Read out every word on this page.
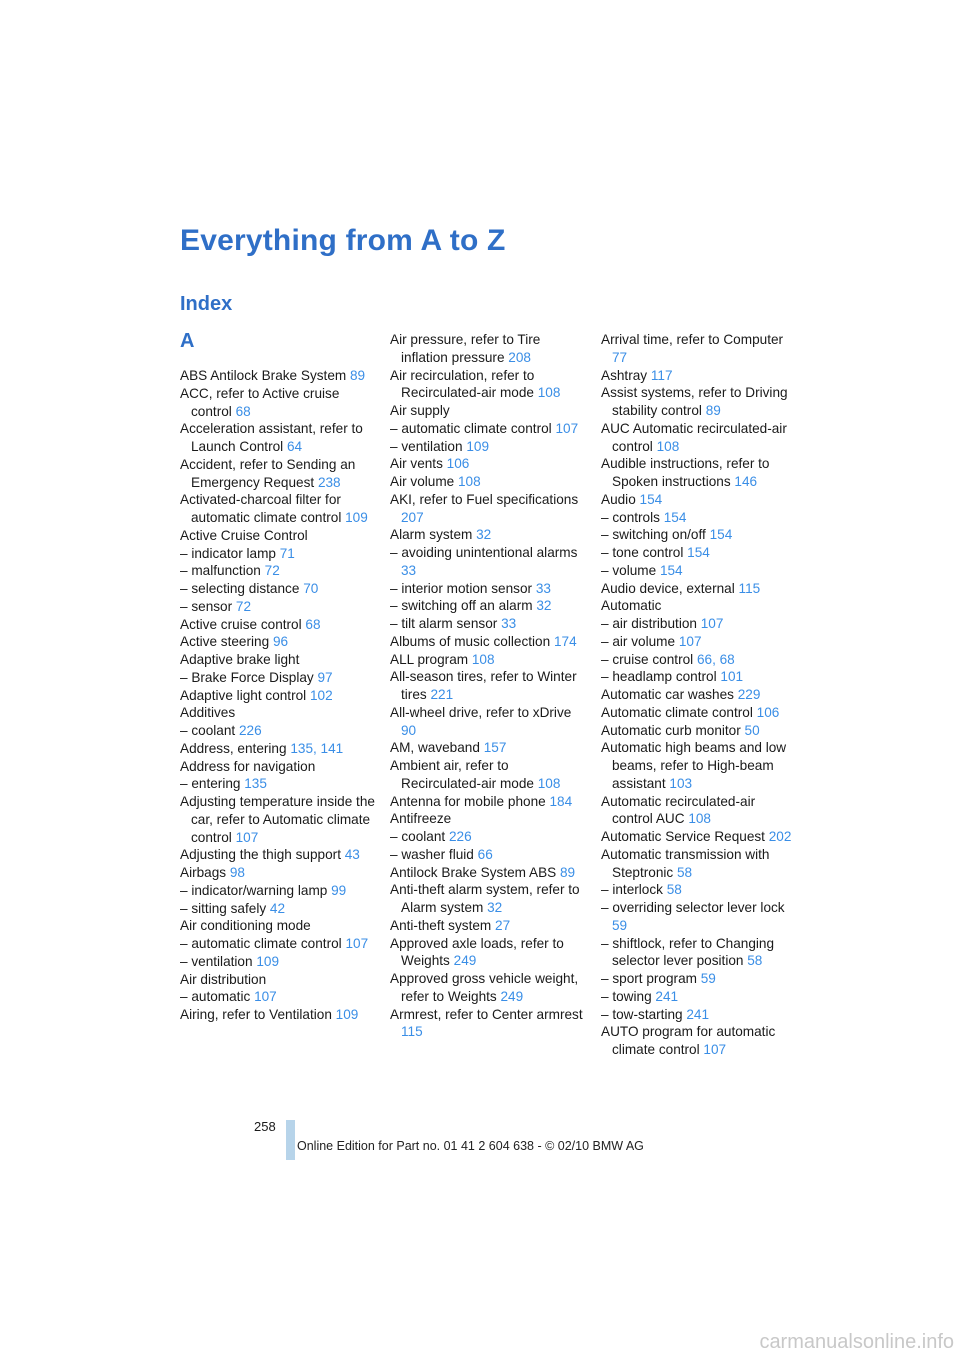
Everything from A to Z
Index
A
ABS Antilock Brake System 89
ACC, refer to Active cruise control 68
Acceleration assistant, refer to Launch Control 64
Accident, refer to Sending an Emergency Request 238
Activated-charcoal filter for automatic climate control 109
Active Cruise Control
– indicator lamp 71
– malfunction 72
– selecting distance 70
– sensor 72
Active cruise control 68
Active steering 96
Adaptive brake light
– Brake Force Display 97
Adaptive light control 102
Additives
– coolant 226
Address, entering 135, 141
Address for navigation
– entering 135
Adjusting temperature inside the car, refer to Automatic climate control 107
Adjusting the thigh support 43
Airbags 98
– indicator/warning lamp 99
– sitting safely 42
Air conditioning mode
– automatic climate control 107
– ventilation 109
Air distribution
– automatic 107
Airing, refer to Ventilation 109
Air pressure, refer to Tire inflation pressure 208
Air recirculation, refer to Recirculated-air mode 108
Air supply
– automatic climate control 107
– ventilation 109
Air vents 106
Air volume 108
AKI, refer to Fuel specifications 207
Alarm system 32
– avoiding unintentional alarms 33
– interior motion sensor 33
– switching off an alarm 32
– tilt alarm sensor 33
Albums of music collection 174
ALL program 108
All-season tires, refer to Winter tires 221
All-wheel drive, refer to xDrive 90
AM, waveband 157
Ambient air, refer to Recirculated-air mode 108
Antenna for mobile phone 184
Antifreeze
– coolant 226
– washer fluid 66
Antilock Brake System ABS 89
Anti-theft alarm system, refer to Alarm system 32
Anti-theft system 27
Approved axle loads, refer to Weights 249
Approved gross vehicle weight, refer to Weights 249
Armrest, refer to Center armrest 115
Arrival time, refer to Computer 77
Ashtray 117
Assist systems, refer to Driving stability control 89
AUC Automatic recirculated-air control 108
Audible instructions, refer to Spoken instructions 146
Audio 154
– controls 154
– switching on/off 154
– tone control 154
– volume 154
Audio device, external 115
Automatic
– air distribution 107
– air volume 107
– cruise control 66, 68
– headlamp control 101
Automatic car washes 229
Automatic climate control 106
Automatic curb monitor 50
Automatic high beams and low beams, refer to High-beam assistant 103
Automatic recirculated-air control AUC 108
Automatic Service Request 202
Automatic transmission with Steptronic 58
– interlock 58
– overriding selector lever lock 59
– shiftlock, refer to Changing selector lever position 58
– sport program 59
– towing 241
– tow-starting 241
AUTO program for automatic climate control 107
258
Online Edition for Part no. 01 41 2 604 638 - © 02/10 BMW AG
carmanualsonline.info
